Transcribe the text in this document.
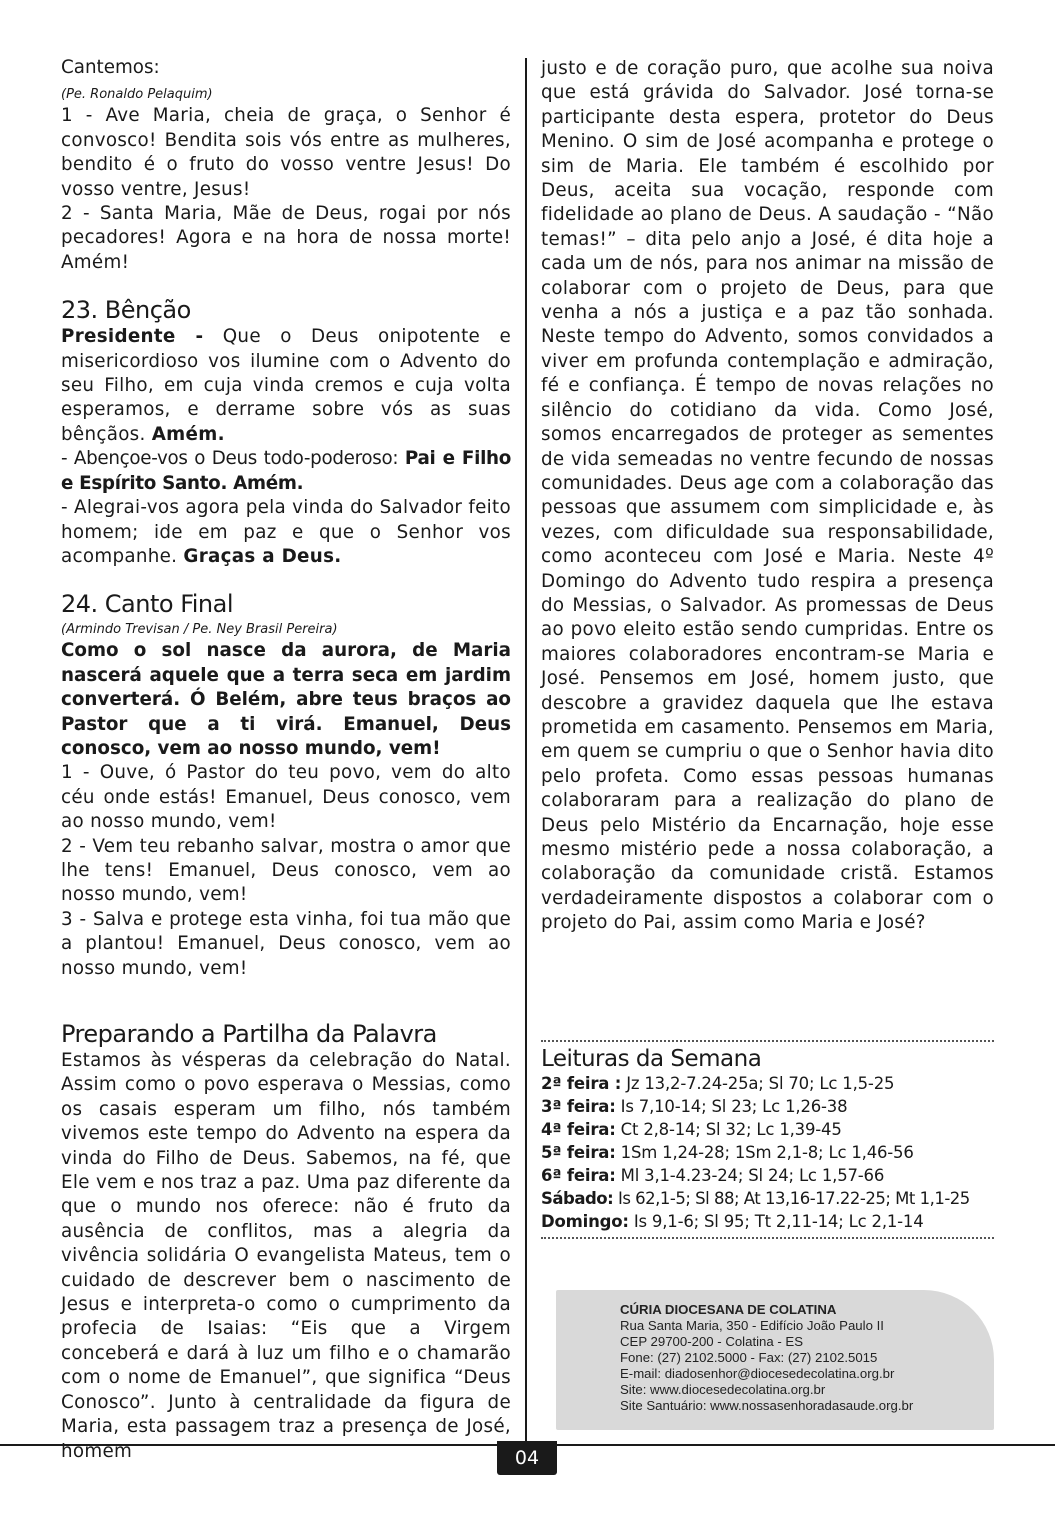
Cantemos:

(Pe. Ronaldo Pelaquim)

1 - Ave Maria, cheia de graça, o Senhor é convosco! Bendita sois vós entre as mulheres, bendito é o fruto do vosso ventre Jesus! Do vosso ventre, Jesus!

2 - Santa Maria, Mãe de Deus, rogai por nós pecadores! Agora e na hora de nossa morte! Amém!

23. Bênção

Presidente - Que o Deus onipotente e misericordioso vos ilumine com o Advento do seu Filho, em cuja vinda cremos e cuja volta esperamos, e derrame sobre vós as suas bênçãos. Amém.

- Abençoe-vos o Deus todo-poderoso: Pai e Filho e Espírito Santo. Amém.

- Alegrai-vos agora pela vinda do Salvador feito homem; ide em paz e que o Senhor vos acompanhe. Graças a Deus.

24. Canto Final

(Armindo Trevisan / Pe. Ney Brasil Pereira)

Como o sol nasce da aurora, de Maria nascerá aquele que a terra seca em jardim converterá. Ó Belém, abre teus braços ao Pastor que a ti virá. Emanuel, Deus conosco, vem ao nosso mundo, vem!

1 - Ouve, ó Pastor do teu povo, vem do alto céu onde estás! Emanuel, Deus conosco, vem ao nosso mundo, vem!

2 - Vem teu rebanho salvar, mostra o amor que lhe tens! Emanuel, Deus conosco, vem ao nosso mundo, vem!

3 - Salva e protege esta vinha, foi tua mão que a plantou! Emanuel, Deus conosco, vem ao nosso mundo, vem!

Preparando a Partilha da Palavra

Estamos às vésperas da celebração do Natal. Assim como o povo esperava o Messias, como os casais esperam um filho, nós também vivemos este tempo do Advento na espera da vinda do Filho de Deus. Sabemos, na fé, que Ele vem e nos traz a paz. Uma paz diferente da que o mundo nos oferece: não é fruto da ausência de conflitos, mas a alegria da vivência solidária O evangelista Mateus, tem o cuidado de descrever bem o nascimento de Jesus e interpreta-o como o cumprimento da profecia de Isaias: “Eis que a Virgem conceberá e dará à luz um filho e o chamarão com o nome de Emanuel”, que significa “Deus Conosco”. Junto à centralidade da figura de Maria, esta passagem traz a presença de José, homem

justo e de coração puro, que acolhe sua noiva que está grávida do Salvador. José torna-se participante desta espera, protetor do Deus Menino. O sim de José acompanha e protege o sim de Maria. Ele também é escolhido por Deus, aceita sua vocação, responde com fidelidade ao plano de Deus. A saudação - “Não temas!” – dita pelo anjo a José, é dita hoje a cada um de nós, para nos animar na missão de colaborar com o projeto de Deus, para que venha a nós a justiça e a paz tão sonhada. Neste tempo do Advento, somos convidados a viver em profunda contemplação e admiração, fé e confiança. É tempo de novas relações no silêncio do cotidiano da vida. Como José, somos encarregados de proteger as sementes de vida semeadas no ventre fecundo de nossas comunidades. Deus age com a colaboração das pessoas que assumem com simplicidade e, às vezes, com dificuldade sua responsabilidade, como aconteceu com José e Maria. Neste 4º Domingo do Advento tudo respira a presença do Messias, o Salvador. As promessas de Deus ao povo eleito estão sendo cumpridas. Entre os maiores colaboradores encontram-se Maria e José. Pensemos em José, homem justo, que descobre a gravidez daquela que lhe estava prometida em casamento. Pensemos em Maria, em quem se cumpriu o que o Senhor havia dito pelo profeta. Como essas pessoas humanas colaboraram para a realização do plano de Deus pelo Mistério da Encarnação, hoje esse mesmo mistério pede a nossa colaboração, a colaboração da comunidade cristã. Estamos verdadeiramente dispostos a colaborar com o projeto do Pai, assim como Maria e José?

Leituras da Semana
2ª feira : Jz 13,2-7.24-25a; Sl 70; Lc 1,5-25
3ª feira: Is 7,10-14; Sl 23; Lc 1,26-38
4ª feira: Ct 2,8-14; Sl 32; Lc 1,39-45
5ª feira: 1Sm 1,24-28; 1Sm 2,1-8; Lc 1,46-56
6ª feira: Ml 3,1-4.23-24; Sl 24; Lc 1,57-66
Sábado: Is 62,1-5; Sl 88; At 13,16-17.22-25; Mt 1,1-25
Domingo: Is 9,1-6; Sl 95; Tt 2,11-14; Lc 2,1-14
CÚRIA DIOCESANA DE COLATINA
Rua Santa Maria, 350 - Edifício João Paulo II
CEP 29700-200 - Colatina - ES
Fone: (27) 2102.5000 - Fax: (27) 2102.5015
E-mail: diadosenhor@diocesedecolatina.org.br
Site: www.diocesedecolatina.org.br
Site Santuário: www.nossasenhoradasaude.org.br
04
